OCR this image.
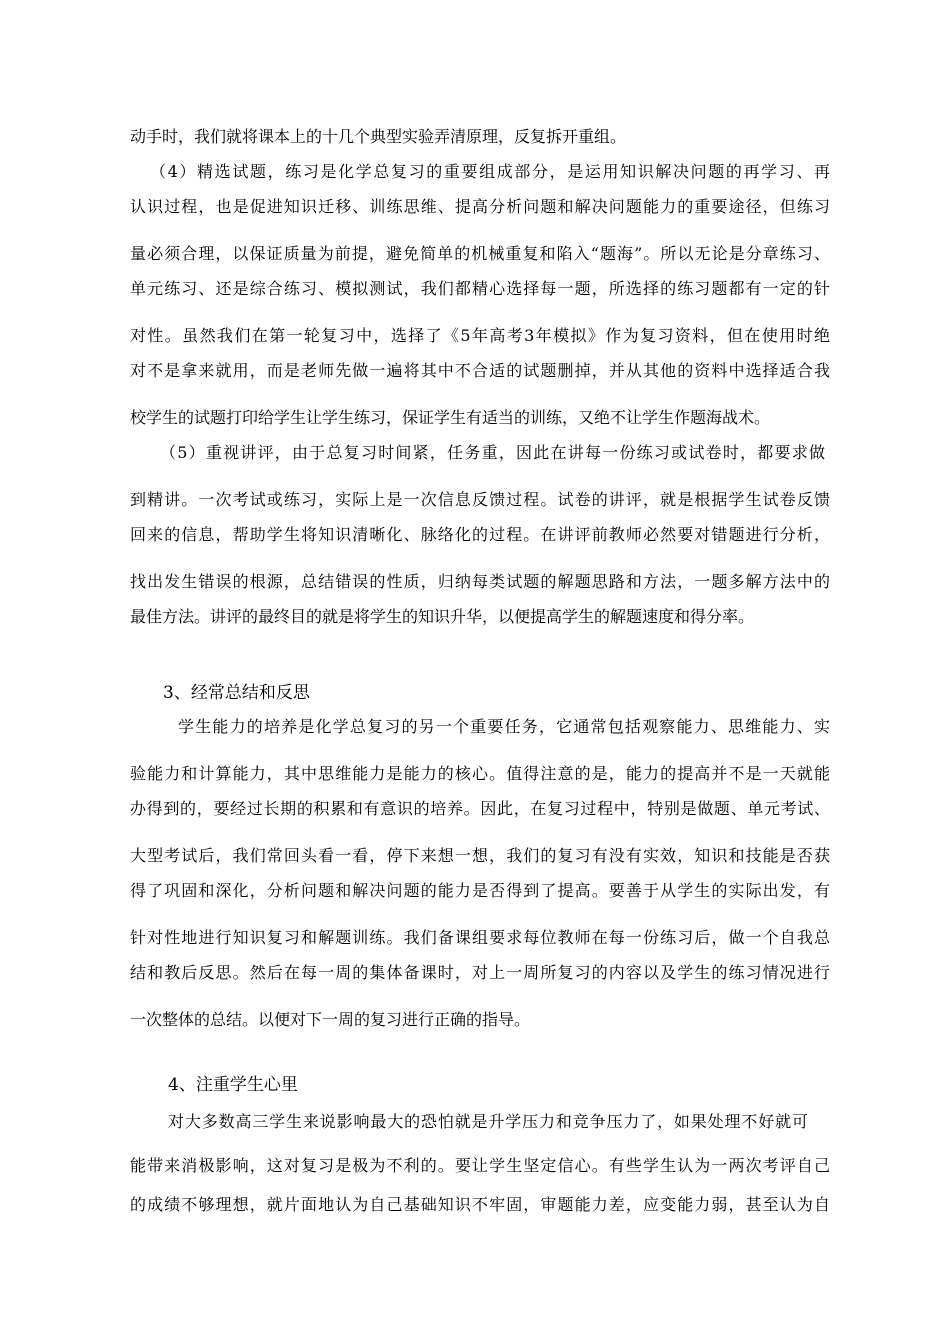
动手时，我们就将课本上的十几个典型实验弄清原理，反复拆开重组。
（4）精选试题，练习是化学总复习的重要组成部分，是运用知识解决问题的再学习、再
认识过程，也是促进知识迁移、训练思维、提高分析问题和解决问题能力的重要途径，但练习
量必须合理，以保证质量为前提，避免简单的机械重复和陷入“题海”。所以无论是分章练习、
单元练习、还是综合练习、模拟测试，我们都精心选择每一题，所选择的练习题都有一定的针
对性。虽然我们在第一轮复习中，选择了《5年高考3年模拟》作为复习资料，但在使用时绝
对不是拿来就用，而是老师先做一遍将其中不合适的试题删掉，并从其他的资料中选择适合我
校学生的试题打印给学生让学生练习，保证学生有适当的训练，又绝不让学生作题海战术。
（5）重视讲评，由于总复习时间紧，任务重，因此在讲每一份练习或试卷时，都要求做
到精讲。一次考试或练习，实际上是一次信息反馈过程。试卷的讲评，就是根据学生试卷反馈
回来的信息，帮助学生将知识清晰化、脉络化的过程。在讲评前教师必然要对错题进行分析，
找出发生错误的根源，总结错误的性质，归纳每类试题的解题思路和方法，一题多解方法中的
最佳方法。讲评的最终目的就是将学生的知识升华，以便提高学生的解题速度和得分率。
3、经常总结和反思
学生能力的培养是化学总复习的另一个重要任务，它通常包括观察能力、思维能力、实
验能力和计算能力，其中思维能力是能力的核心。值得注意的是，能力的提高并不是一天就能
办得到的，要经过长期的积累和有意识的培养。因此，在复习过程中，特别是做题、单元考试、
大型考试后，我们常回头看一看，停下来想一想，我们的复习有没有实效，知识和技能是否获
得了巩固和深化，分析问题和解决问题的能力是否得到了提高。要善于从学生的实际出发，有
针对性地进行知识复习和解题训练。我们备课组要求每位教师在每一份练习后，做一个自我总
结和教后反思。然后在每一周的集体备课时，对上一周所复习的内容以及学生的练习情况进行
一次整体的总结。以便对下一周的复习进行正确的指导。
4、注重学生心里
对大多数高三学生来说影响最大的恐怕就是升学压力和竞争压力了，如果处理不好就可
能带来消极影响，这对复习是极为不利的。要让学生坚定信心。有些学生认为一两次考评自己
的成绩不够理想，就片面地认为自己基础知识不牢固，审题能力差，应变能力弱，甚至认为自
